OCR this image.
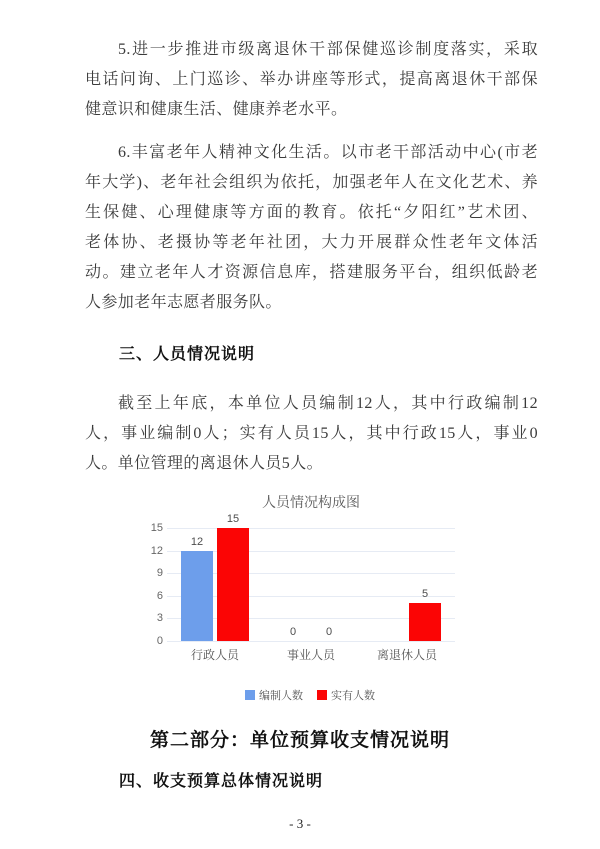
5.进一步推进市级离退休干部保健巡诊制度落实，采取
电话问询、上门巡诊、举办讲座等形式，提高离退休干部保
健意识和健康生活、健康养老水平。
6.丰富老年人精神文化生活。以市老干部活动中心(市老
年大学)、老年社会组织为依托，加强老年人在文化艺术、养
生保健、心理健康等方面的教育。依托“夕阳红”艺术团、
老体协、老摄协等老年社团，大力开展群众性老年文体活
动。建立老年人才资源信息库，搭建服务平台，组织低龄老
人参加老年志愿者服务队。
三、人员情况说明
截至上年底，本单位人员编制12人，其中行政编制12
人，事业编制0人；实有人员15人，其中行政15人，事业0
人。单位管理的离退休人员5人。
人员情况构成图
12
15
0	0
5
0
3
6
9
12
15
行政人员	事业人员	离退休人员
编制人数	实有人数
第二部分：单位预算收支情况说明
四、收支预算总体情况说明
- 3 -
